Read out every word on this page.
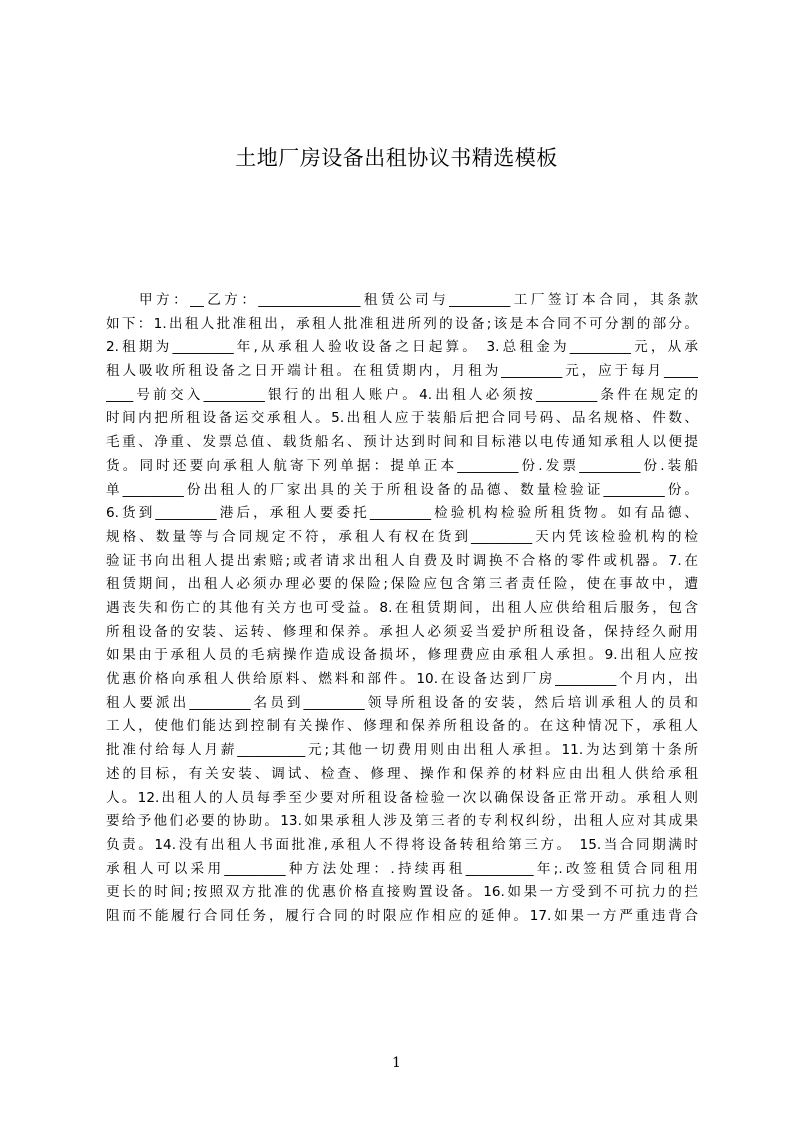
土地厂房设备出租协议书精选模板
甲方：__乙方：_______________租赁公司与_________工厂签订本合同，其条款
如下：1.出租人批准租出，承租人批准租进所列的设备;该是本合同不可分割的部分。
2.租期为_________年,从承租人验收设备之日起算。 3.总租金为_________元，从承
租人吸收所租设备之日开端计租。在租赁期内，月租为_________元，应于每月_____
____号前交入_________银行的出租人账户。4.出租人必须按_________条件在规定的
时间内把所租设备运交承租人。5.出租人应于装船后把合同号码、品名规格、件数、
毛重、净重、发票总值、载货船名、预计达到时间和目标港以电传通知承租人以便提
货。同时还要向承租人航寄下列单据：提单正本_________份.发票_________份.装船
单_________份出租人的厂家出具的关于所租设备的品德、数量检验证_________份。
6.货到_________港后，承租人要委托_________检验机构检验所租货物。如有品德、
规格、数量等与合同规定不符，承租人有权在货到_________天内凭该检验机构的检
验证书向出租人提出索赔;或者请求出租人自费及时调换不合格的零件或机器。7.在
租赁期间，出租人必须办理必要的保险;保险应包含第三者责任险，使在事故中，遭
遇丧失和伤亡的其他有关方也可受益。8.在租赁期间，出租人应供给租后服务，包含
所租设备的安装、运转、修理和保养。承担人必须妥当爱护所租设备，保持经久耐用
如果由于承租人员的毛病操作造成设备损坏，修理费应由承租人承担。9.出租人应按
优惠价格向承租人供给原料、燃料和部件。10.在设备达到厂房_________个月内，出
租人要派出_________名员到_________领导所租设备的安装，然后培训承租人的员和
工人，使他们能达到控制有关操作、修理和保养所租设备的。在这种情况下，承租人
批准付给每人月薪__________元;其他一切费用则由出租人承担。11.为达到第十条所
述的目标，有关安装、调试、检查、修理、操作和保养的材料应由出租人供给承租
人。12.出租人的人员每季至少要对所租设备检验一次以确保设备正常开动。承租人则
要给予他们必要的协助。13.如果承租人涉及第三者的专利权纠纷，出租人应对其成果
负责。14.没有出租人书面批准,承租人不得将设备转租给第三方。 15.当合同期满时
承租人可以采用_________种方法处理：.持续再租__________年;.改签租赁合同租用
更长的时间;按照双方批准的优惠价格直接购置设备。16.如果一方受到不可抗力的拦
阻而不能履行合同任务，履行合同的时限应作相应的延伸。17.如果一方严重违背合
1
